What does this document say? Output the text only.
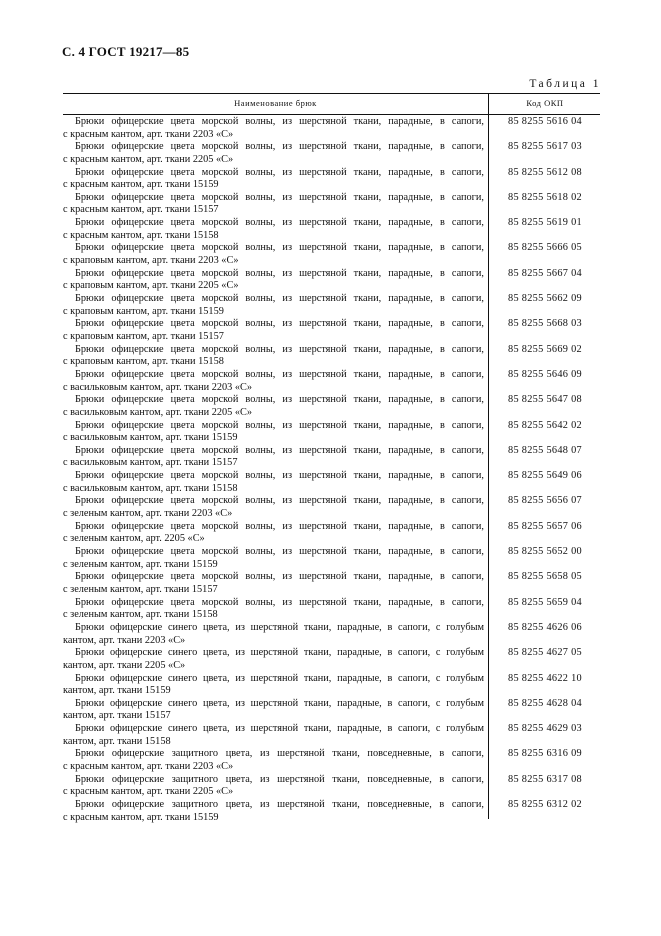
С. 4 ГОСТ 19217—85
Таблица 1
Наименование брюк	Код ОКП
Брюки офицерские цвета морской волны, из шерстяной ткани, парадные, в сапоги,
с красным кантом, арт. ткани 2203 «С»
85 8255 5616 04
Брюки офицерские цвета морской волны, из шерстяной ткани, парадные, в сапоги,
с красным кантом, арт. ткани 2205 «С»
85 8255 5617 03
Брюки офицерские цвета морской волны, из шерстяной ткани, парадные, в сапоги,
с красным кантом, арт. ткани 15159
85 8255 5612 08
Брюки офицерские цвета морской волны, из шерстяной ткани, парадные, в сапоги,
с красным кантом, арт. ткани 15157
85 8255 5618 02
Брюки офицерские цвета морской волны, из шерстяной ткани, парадные, в сапоги,
с красным кантом, арт. ткани 15158
85 8255 5619 01
Брюки офицерские цвета морской волны, из шерстяной ткани, парадные, в сапоги,
с краповым кантом, арт. ткани 2203 «С»
85 8255 5666 05
Брюки офицерские цвета морской волны, из шерстяной ткани, парадные, в сапоги,
с краповым кантом, арт. ткани 2205 «С»
85 8255 5667 04
Брюки офицерские цвета морской волны, из шерстяной ткани, парадные, в сапоги,
с краповым кантом, арт. ткани 15159
85 8255 5662 09
Брюки офицерские цвета морской волны, из шерстяной ткани, парадные, в сапоги,
с краповым кантом, арт. ткани 15157
85 8255 5668 03
Брюки офицерские цвета морской волны, из шерстяной ткани, парадные, в сапоги,
с краповым кантом, арт. ткани 15158
85 8255 5669 02
Брюки офицерские цвета морской волны, из шерстяной ткани, парадные, в сапоги,
с васильковым кантом, арт. ткани 2203 «С»
85 8255 5646 09
Брюки офицерские цвета морской волны, из шерстяной ткани, парадные, в сапоги,
с васильковым кантом, арт. ткани 2205 «С»
85 8255 5647 08
Брюки офицерские цвета морской волны, из шерстяной ткани, парадные, в сапоги,
с васильковым кантом, арт. ткани 15159
85 8255 5642 02
Брюки офицерские цвета морской волны, из шерстяной ткани, парадные, в сапоги,
с васильковым кантом, арт. ткани 15157
85 8255 5648 07
Брюки офицерские цвета морской волны, из шерстяной ткани, парадные, в сапоги,
с васильковым кантом, арт. ткани 15158
85 8255 5649 06
Брюки офицерские цвета морской волны, из шерстяной ткани, парадные, в сапоги,
с зеленым кантом, арт. ткани 2203 «С»
85 8255 5656 07
Брюки офицерские цвета морской волны, из шерстяной ткани, парадные, в сапоги,
с зеленым кантом, арт. 2205 «С»
85 8255 5657 06
Брюки офицерские цвета морской волны, из шерстяной ткани, парадные, в сапоги,
с зеленым кантом, арт. ткани 15159
85 8255 5652 00
Брюки офицерские цвета морской волны, из шерстяной ткани, парадные, в сапоги,
с зеленым кантом, арт. ткани 15157
85 8255 5658 05
Брюки офицерские цвета морской волны, из шерстяной ткани, парадные, в сапоги,
с зеленым кантом, арт. ткани 15158
85 8255 5659 04
Брюки офицерские синего цвета, из шерстяной ткани, парадные, в сапоги, с голубым
кантом, арт. ткани 2203 «С»
85 8255 4626 06
Брюки офицерские синего цвета, из шерстяной ткани, парадные, в сапоги, с голубым
кантом, арт. ткани 2205 «С»
85 8255 4627 05
Брюки офицерские синего цвета, из шерстяной ткани, парадные, в сапоги, с голубым
кантом, арт. ткани 15159
85 8255 4622 10
Брюки офицерские синего цвета, из шерстяной ткани, парадные, в сапоги, с голубым
кантом, арт. ткани 15157
85 8255 4628 04
Брюки офицерские синего цвета, из шерстяной ткани, парадные, в сапоги, с голубым
кантом, арт. ткани 15158
85 8255 4629 03
Брюки офицерские защитного цвета, из шерстяной ткани, повседневные, в сапоги,
с красным кантом, арт. ткани 2203 «С»
85 8255 6316 09
Брюки офицерские защитного цвета, из шерстяной ткани, повседневные, в сапоги,
с красным кантом, арт. ткани 2205 «С»
85 8255 6317 08
Брюки офицерские защитного цвета, из шерстяной ткани, повседневные, в сапоги,
с красным кантом, арт. ткани 15159
85 8255 6312 02
